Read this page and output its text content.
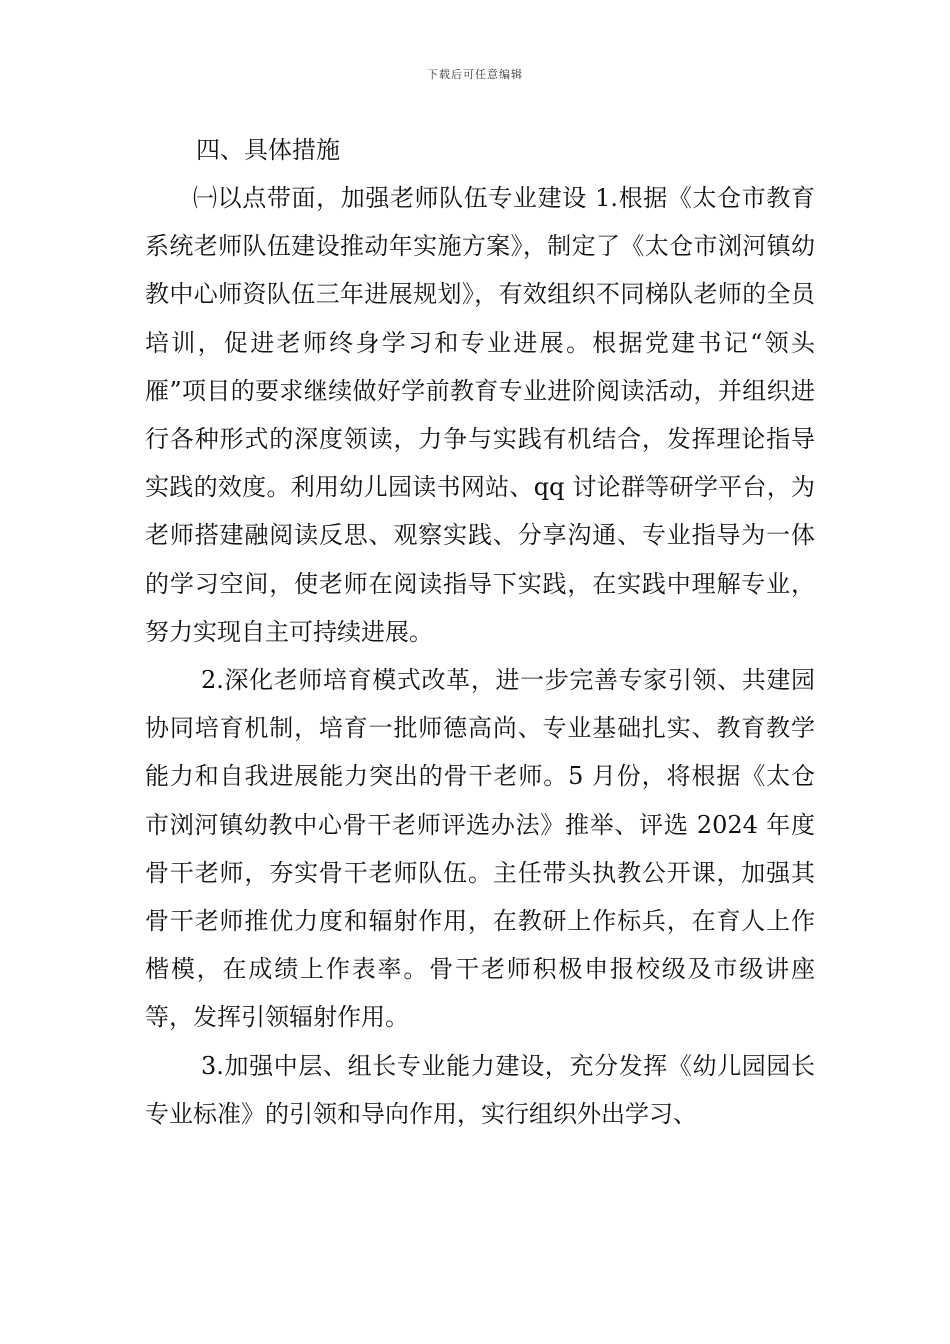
下载后可任意编辑
四、具体措施

㈠以点带面，加强老师队伍专业建设 1.根据《太仓市教育系统老师队伍建设推动年实施方案》，制定了《太仓市浏河镇幼教中心师资队伍三年进展规划》，有效组织不同梯队老师的全员培训，促进老师终身学习和专业进展。根据党建书记“领头雁”项目的要求继续做好学前教育专业进阶阅读活动，并组织进行各种形式的深度领读，力争与实践有机结合，发挥理论指导实践的效度。利用幼儿园读书网站、qq 讨论群等研学平台，为老师搭建融阅读反思、观察实践、分享沟通、专业指导为一体的学习空间，使老师在阅读指导下实践，在实践中理解专业，努力实现自主可持续进展。

2.深化老师培育模式改革，进一步完善专家引领、共建园协同培育机制，培育一批师德高尚、专业基础扎实、教育教学能力和自我进展能力突出的骨干老师。5 月份，将根据《太仓市浏河镇幼教中心骨干老师评选办法》推举、评选 2024 年度骨干老师，夯实骨干老师队伍。主任带头执教公开课，加强其骨干老师推优力度和辐射作用，在教研上作标兵，在育人上作楷模，在成绩上作表率。骨干老师积极申报校级及市级讲座等，发挥引领辐射作用。

3.加强中层、组长专业能力建设，充分发挥《幼儿园园长专业标准》的引领和导向作用，实行组织外出学习、
